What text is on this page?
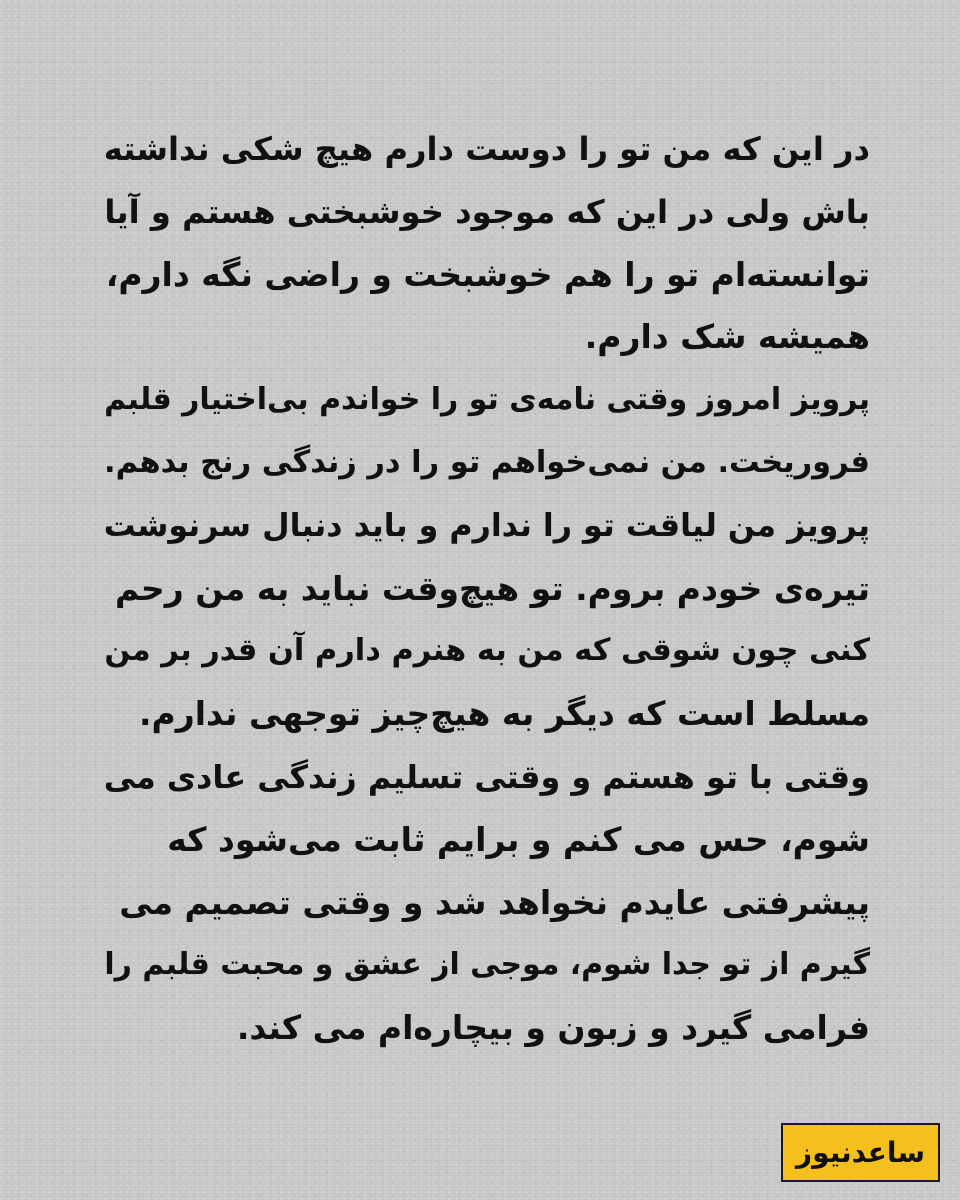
در این که من تو را دوست دارم هیچ شکی نداشته
باش ولی در این که موجود خوشبختی هستم و آیا
توانسته‌ام تو را هم خوشبخت و راضی نگه دارم،
همیشه شک دارم.
پرویز امروز وقتی نامه‌ی تو را خواندم بی‌اختیار قلبم
فروریخت. من نمی‌خواهم تو را در زندگی رنج بدهم.
پرویز من لیاقت تو را ندارم و باید دنبال سرنوشت
تیره‌ی خودم بروم. تو هیچ‌وقت نباید به من رحم
کنی چون شوقی که من به هنرم دارم آن قدر بر من
مسلط است که دیگر به هیچ‌چیز توجهی ندارم.
وقتی با تو هستم و وقتی تسلیم زندگی عادی می
شوم، حس می کنم و برایم ثابت می‌شود که
پیشرفتی عایدم نخواهد شد و وقتی تصمیم می
گیرم از تو جدا شوم، موجی از عشق و محبت قلبم را
فرامی گیرد و زبون و بیچاره‌ام می کند.
ساعدنیوز
